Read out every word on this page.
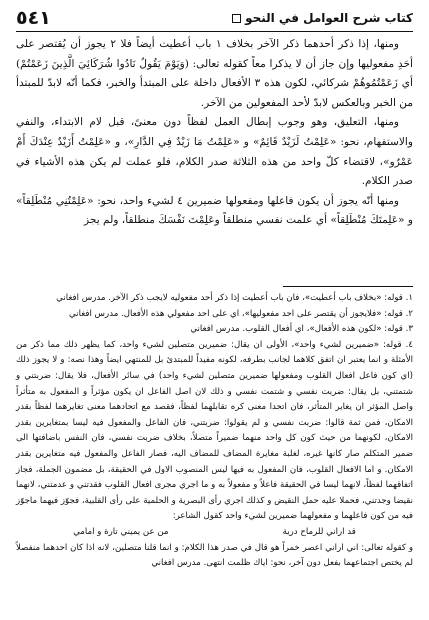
كتاب شرح العوامل في النحو
٥٤١

ومنها، إذا ذكر أحدهما ذكر الآخر بخلاف ١ باب أعطيت أيضاً فلا ٢ يجوز أن يُقتصر على أحَدِ مفعوليها وإن جاز أن لا يذكرا معاً كقوله تعالى: (وَيَوْمَ يَقُولُ نَادُوا شُرَكَائِيَ الَّذِينَ زَعَمْتُمْ) أي زَعَمْتُمُوهُمْ شركائي، لكون هذه ٣ الأفعال داخلة على المبتدأ والخبر، فكما أنّه لابدّ للمبتدأ من الخبر وبالعكس لابدّ لأحد المفعولين من الآخر.

ومنها، التعليق، وهو وجوب إبطال العمل لفظاً دون معنىً، قبل لام الابتداء، والنفي والاستفهام، نحو: «عَلِمْتُ لَزَيْدٌ قَائِمٌ» و «عَلِمْتُ مَا زَيْدٌ فِي الدَّارِ»، و «عَلِمْتُ أَزَيْدٌ عِنْدَكَ أَمْ عَمْرٌو»، لاقتضاء كلّ واحد من هذه الثلاثة صدر الكلام، فلو عملت لم يكن هذه الأشياء في صدر الكلام.

ومنها أنّه يجوز أن يكون فاعلها ومفعولها ضميرين ٤ لشيء واحد، نحو: «عَلِمْتُنِي مُنْطَلِقاً» و «عَلِمتَكَ مُنْطَلِقاً» أي علمت نفسي منطلقاً وعَلِمْتَ نَفْسَكَ منطلقاً، ولم يجز

١. قوله: «بخلاف باب أعطيت»، فان باب أعطيت إذا ذكر أحد مفعوليه لايجب ذكر الآخر. مدرس افغاني

٢. قوله: «فلايجوز أن يقتصر على احد مفعوليها»، اي على احد مفعولي هذه الأفعال. مدرس افغاني

٣. قوله: «لكون هذه الأفعال»، اي أفعال القلوب. مدرس افغاني

٤. قوله: «ضميرين لشيء واحد»، الأولى ان يقال: ضميرين متصلين لشيء واحد، كما يظهر ذلك مما ذكر من الأمثلة و انما يعتبر ان اتفق كلاهما لجانب بطرفه، لكونه مفيداً للمبتدئ بل للمنتهي ايضاً وهذا نصه: و لا يجوز ذلك (اي كون فاعل افعال القلوب ومفعولها ضميرين متصلين لشيء واحد) في سائر الأفعال، فلا يقال: ضربتني و شتمتني، بل يقال: ضربت نفسي و شتمت نفسي و ذلك لان اصل الفاعل ان يكون مؤثراً و المفعول به متأثراً واصل المؤثر ان يغاير المتأثر، فان اتحدا معنى كره تقابلهما لفظاً، فقصد مع اتحادهما معنى تغايرهما لفظاً بقدر الامكان، فمن ثمة قالوا: ضربت نفسي و لم يقولوا: ضربتني، فان الفاعل والمفعول فيه ليسا بمتغايرين بقدر الامكان، لكونهما من حيث كون كل واحد منهما ضميراً متصلاً، بخلاف ضربت نفسي، فان النفس باضافتها الى ضمير المتكلم صار كانها غيره، لغلبة مغايرة المضاف للمضاف اليه، فصار الفاعل والمفعول فيه متغايرين بقدر الامكان. و اما الافعال القلوب، فان المفعول به فيها ليس المنصوب الاول في الحقيقة، بل مضمون الجملة، فجاز اتفاقهما لفظاً، لانهما ليسا في الحقيقة فاعلاً و مفعولاً به و ما اجري مجرى افعال القلوب فقدتني و عدمتني، لانهما نقيضا وجدتني، فحملا عليه حمل النقيض و كذلك اجري رأى البصرية و الحلمية على رأى القلبية، فجوّز فيهما ماجوّز فيه من كون فاعلهما و مفعولهما ضميرين لشيء واحد كقول الشاعر:

قد اراني للرماح درية
من عن يميني تارة و امامي

و كقوله تعالى: اني اراني اعصر خمراً هو قال في صدر هذا الكلام: و انما قلنا متصلين، لانه اذا كان احدهما منفصلاً لم يختص اجتماعهما بفعل دون آخر، نحو: اياك ظلمت انتهى. مدرس افغاني
